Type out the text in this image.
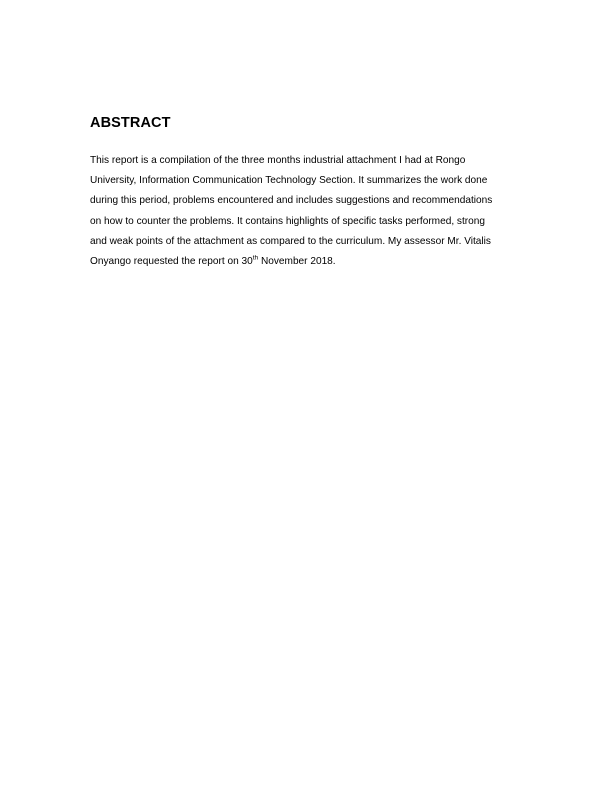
ABSTRACT

This report is a compilation of the three months industrial attachment I had at Rongo
University, Information Communication Technology Section. It summarizes the work done
during this period, problems encountered and includes suggestions and recommendations
on how to counter the problems. It contains highlights of specific tasks performed, strong
and weak points of the attachment as compared to the curriculum. My assessor Mr. Vitalis
Onyango requested the report on 30th November 2018.
